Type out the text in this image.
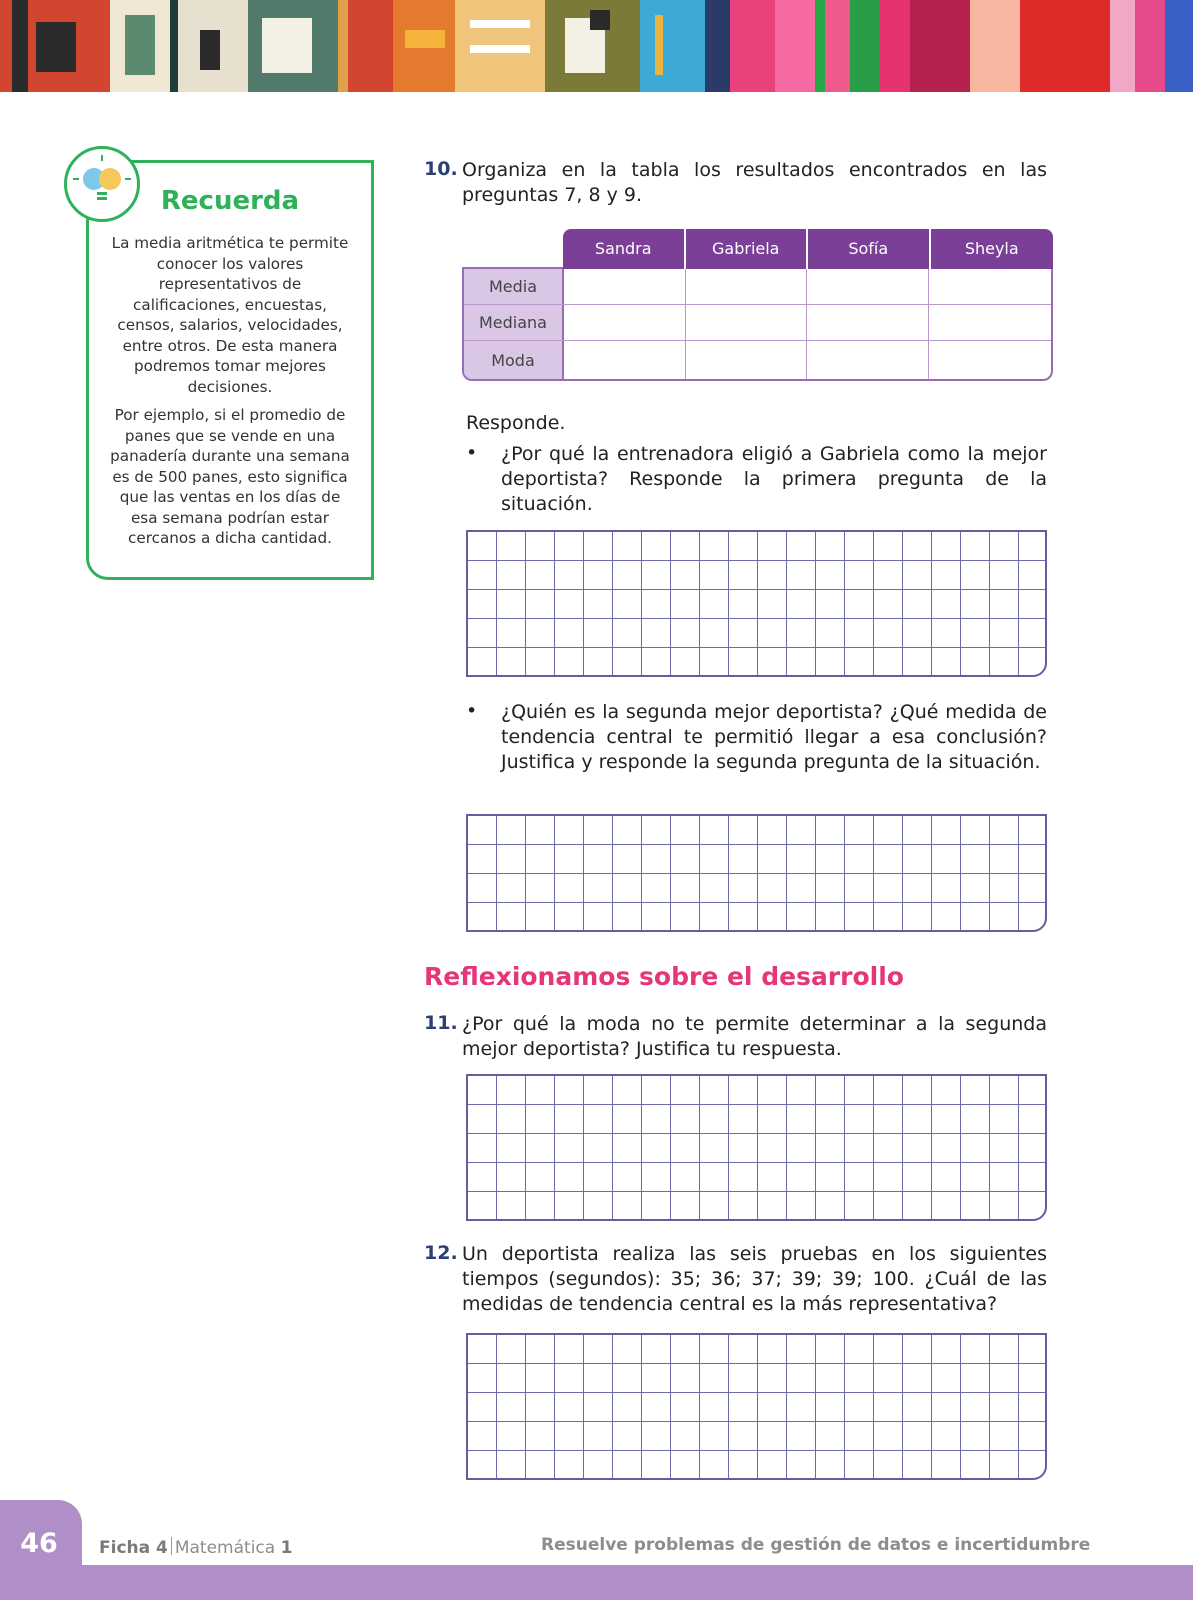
Recuerda
La media aritmética te permite conocer los valores representativos de calificaciones, encuestas, censos, salarios, velocidades, entre otros. De esta manera podremos tomar mejores decisiones.
Por ejemplo, si el promedio de panes que se vende en una panadería durante una semana es de 500 panes, esto significa que las ventas en los días de esa semana podrían estar cercanos a dicha cantidad.
10. Organiza en la tabla los resultados encontrados en las preguntas 7, 8 y 9.
Sandra	Gabriela	Sofía	Sheyla
Media
Mediana
Moda
Responde.
• ¿Por qué la entrenadora eligió a Gabriela como la mejor deportista? Responde la primera pregunta de la situación.
• ¿Quién es la segunda mejor deportista? ¿Qué medida de tendencia central te permitió llegar a esa conclusión? Justifica y responde la segunda pregunta de la situación.
Reflexionamos sobre el desarrollo
11. ¿Por qué la moda no te permite determinar a la segunda mejor deportista? Justifica tu respuesta.
12. Un deportista realiza las seis pruebas en los siguientes tiempos (segundos): 35; 36; 37; 39; 39; 100. ¿Cuál de las medidas de tendencia central es la más representativa?
46	Ficha 4 Matemática 1	Resuelve problemas de gestión de datos e incertidumbre
